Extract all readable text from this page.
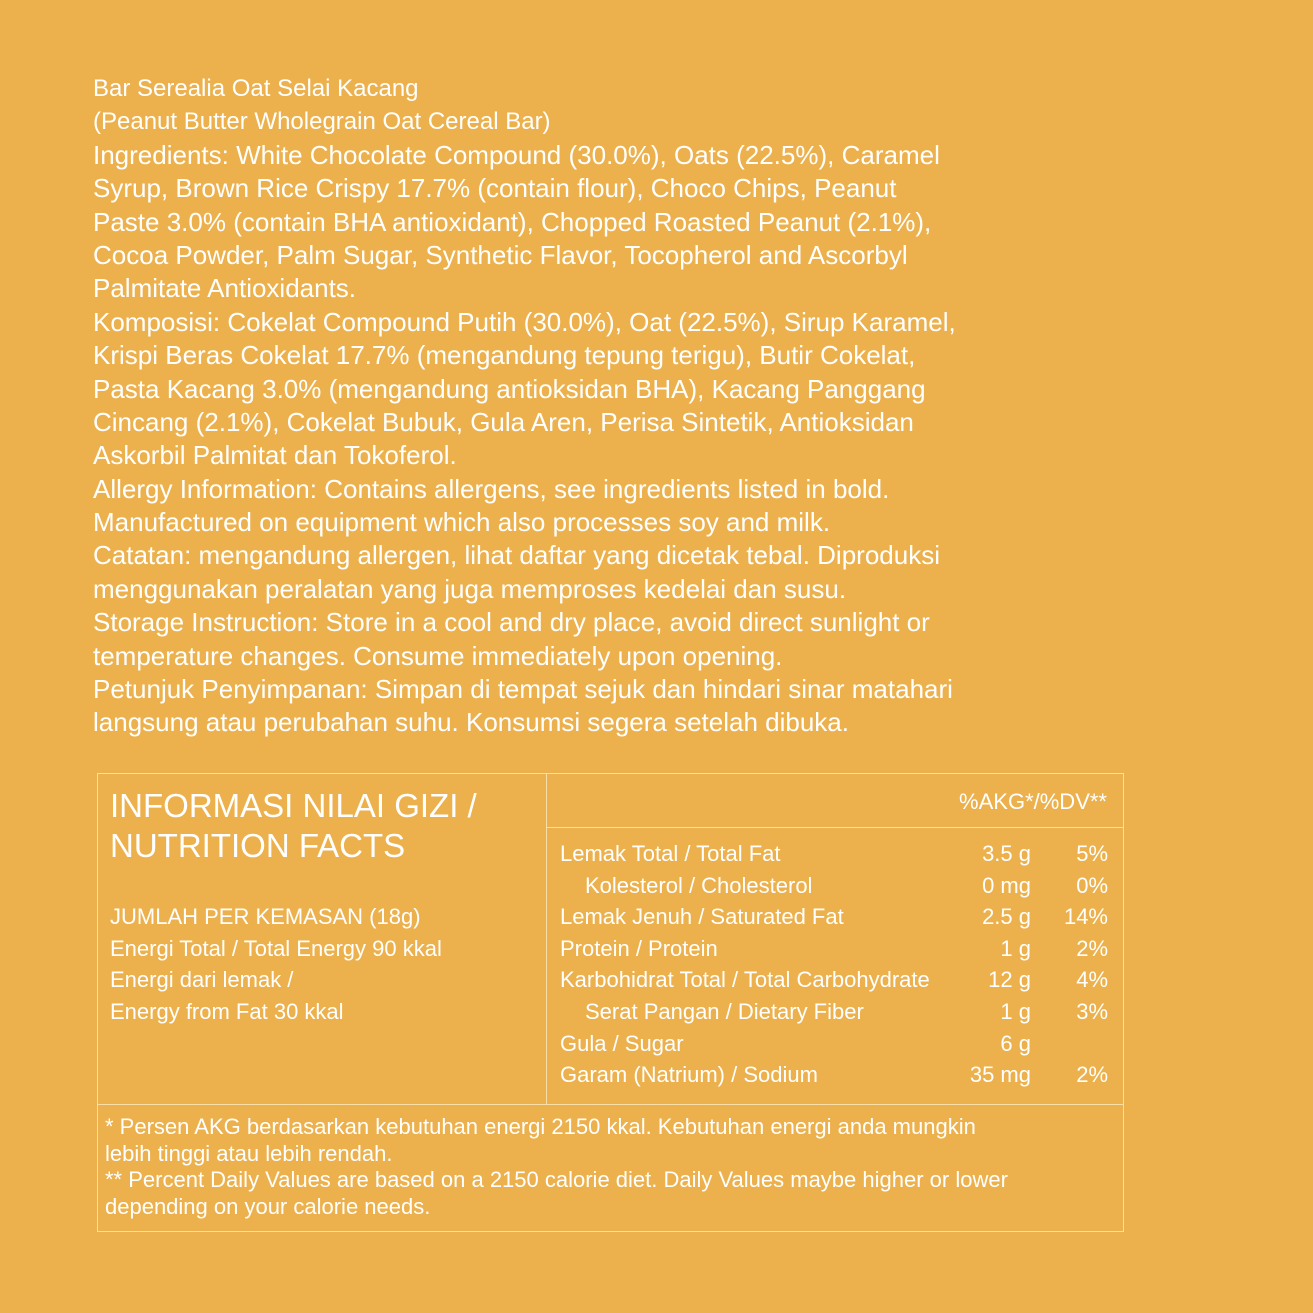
Bar Serealia Oat Selai Kacang
(Peanut Butter Wholegrain Oat Cereal Bar)
Ingredients: White Chocolate Compound (30.0%), Oats (22.5%), Caramel
Syrup, Brown Rice Crispy 17.7% (contain flour), Choco Chips, Peanut
Paste 3.0% (contain BHA antioxidant), Chopped Roasted Peanut (2.1%),
Cocoa Powder, Palm Sugar, Synthetic Flavor, Tocopherol and Ascorbyl
Palmitate Antioxidants.
Komposisi: Cokelat Compound Putih (30.0%), Oat (22.5%), Sirup Karamel,
Krispi Beras Cokelat 17.7% (mengandung tepung terigu), Butir Cokelat,
Pasta Kacang 3.0% (mengandung antioksidan BHA), Kacang Panggang
Cincang (2.1%), Cokelat Bubuk, Gula Aren, Perisa Sintetik, Antioksidan
Askorbil Palmitat dan Tokoferol.
Allergy Information: Contains allergens, see ingredients listed in bold.
Manufactured on equipment which also processes soy and milk.
Catatan: mengandung allergen, lihat daftar yang dicetak tebal. Diproduksi
menggunakan peralatan yang juga memproses kedelai dan susu.
Storage Instruction: Store in a cool and dry place, avoid direct sunlight or
temperature changes. Consume immediately upon opening.
Petunjuk Penyimpanan: Simpan di tempat sejuk dan hindari sinar matahari
langsung atau perubahan suhu. Konsumsi segera setelah dibuka.
INFORMASI NILAI GIZI /
NUTRITION FACTS
JUMLAH PER KEMASAN (18g)
Energi Total / Total Energy 90 kkal
Energi dari lemak /
Energy from Fat 30 kkal
%AKG*/%DV**
Lemak Total / Total Fat	3.5 g 5%
Kolesterol / Cholesterol	0 mg 0%
Lemak Jenuh / Saturated Fat	2.5 g 14%
Protein / Protein	1 g 2%
Karbohidrat Total / Total Carbohydrate	12 g 4%
Serat Pangan / Dietary Fiber	1 g 3%
Gula / Sugar	6 g
Garam (Natrium) / Sodium	35 mg 2%
* Persen AKG berdasarkan kebutuhan energi 2150 kkal. Kebutuhan energi anda mungkin
lebih tinggi atau lebih rendah.
** Percent Daily Values are based on a 2150 calorie diet. Daily Values maybe higher or lower
depending on your calorie needs.
